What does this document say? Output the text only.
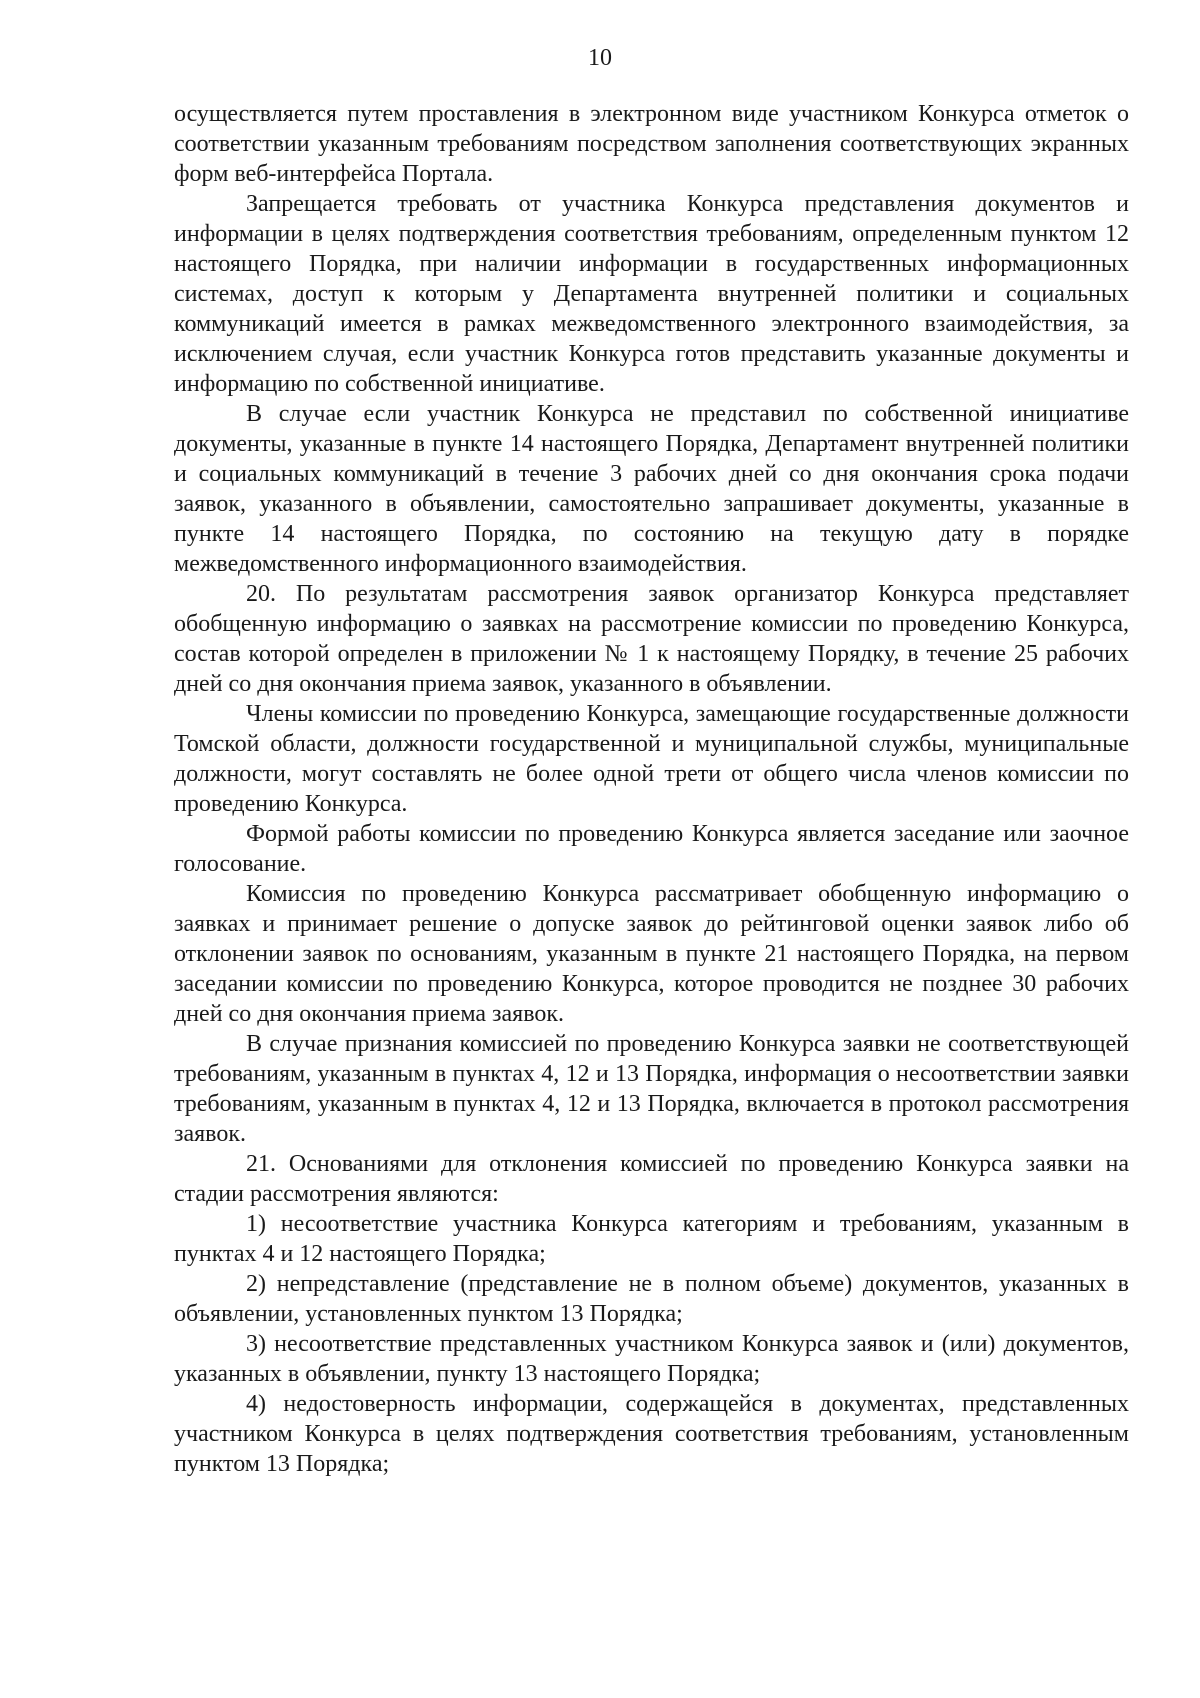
10

осуществляется путем проставления в электронном виде участником Конкурса отметок о соответствии указанным требованиям посредством заполнения соответствующих экранных форм веб-интерфейса Портала.

Запрещается требовать от участника Конкурса представления документов и информации в целях подтверждения соответствия требованиям, определенным пунктом 12 настоящего Порядка, при наличии информации в государственных информационных системах, доступ к которым у Департамента внутренней политики и социальных коммуникаций имеется в рамках межведомственного электронного взаимодействия, за исключением случая, если участник Конкурса готов представить указанные документы и информацию по собственной инициативе.

В случае если участник Конкурса не представил по собственной инициативе документы, указанные в пункте 14 настоящего Порядка, Департамент внутренней политики и социальных коммуникаций в течение 3 рабочих дней со дня окончания срока подачи заявок, указанного в объявлении, самостоятельно запрашивает документы, указанные в пункте 14 настоящего Порядка, по состоянию на текущую дату в порядке межведомственного информационного взаимодействия.

20. По результатам рассмотрения заявок организатор Конкурса представляет обобщенную информацию о заявках на рассмотрение комиссии по проведению Конкурса, состав которой определен в приложении № 1 к настоящему Порядку, в течение 25 рабочих дней со дня окончания приема заявок, указанного в объявлении.

Члены комиссии по проведению Конкурса, замещающие государственные должности Томской области, должности государственной и муниципальной службы, муниципальные должности, могут составлять не более одной трети от общего числа членов комиссии по проведению Конкурса.

Формой работы комиссии по проведению Конкурса является заседание или заочное голосование.

Комиссия по проведению Конкурса рассматривает обобщенную информацию о заявках и принимает решение о допуске заявок до рейтинговой оценки заявок либо об отклонении заявок по основаниям, указанным в пункте 21 настоящего Порядка, на первом заседании комиссии по проведению Конкурса, которое проводится не позднее 30 рабочих дней со дня окончания приема заявок.

В случае признания комиссией по проведению Конкурса заявки не соответствующей требованиям, указанным в пунктах 4, 12 и 13 Порядка, информация о несоответствии заявки требованиям, указанным в пунктах 4, 12 и 13 Порядка, включается в протокол рассмотрения заявок.

21. Основаниями для отклонения комиссией по проведению Конкурса заявки на стадии рассмотрения являются:

1) несоответствие участника Конкурса категориям и требованиям, указанным в пунктах 4 и 12 настоящего Порядка;

2) непредставление (представление не в полном объеме) документов, указанных в объявлении, установленных пунктом 13 Порядка;

3) несоответствие представленных участником Конкурса заявок и (или) документов, указанных в объявлении, пункту 13 настоящего Порядка;

4) недостоверность информации, содержащейся в документах, представленных участником Конкурса в целях подтверждения соответствия требованиям, установленным пунктом 13 Порядка;
